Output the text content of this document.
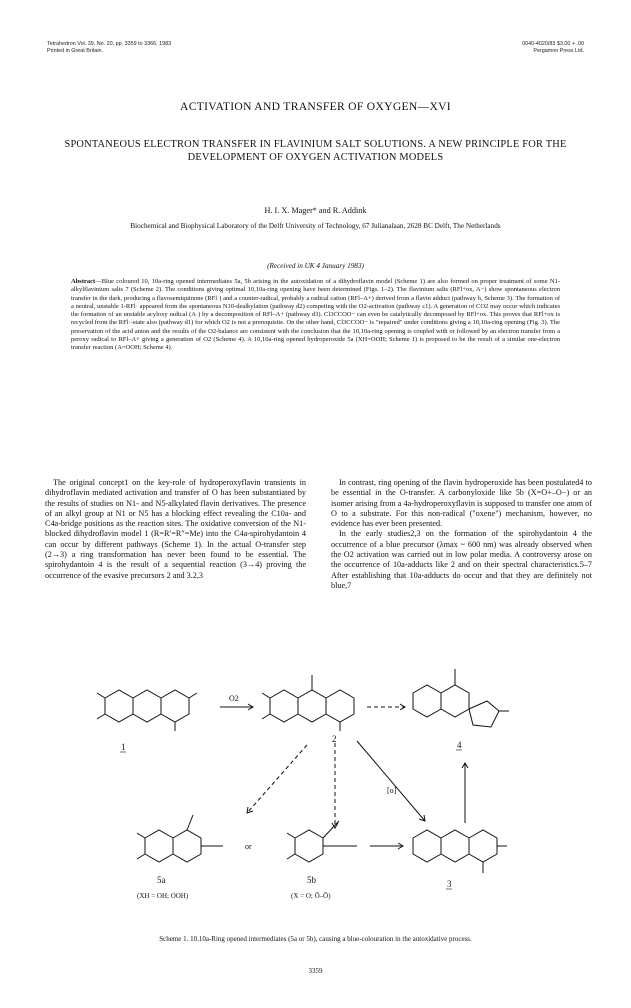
Tetrahedron Vol. 39, No. 20, pp. 3359 to 3366, 1983
Printed in Great Britain.
0040-4020/83 $3.00 + .00
Pergamon Press Ltd.
ACTIVATION AND TRANSFER OF OXYGEN—XVI
SPONTANEOUS ELECTRON TRANSFER IN FLAVINIUM SALT SOLUTIONS. A NEW PRINCIPLE FOR THE DEVELOPMENT OF OXYGEN ACTIVATION MODELS
H. I. X. Mager* and R. Addink
Biochemical and Biophysical Laboratory of the Delft University of Technology, 67 Julianalaan, 2628 BC Delft, The Netherlands
(Received in UK 4 January 1983)
Abstract—Blue coloured 10, 10a-ring opened intermediates 5a, 5b arising in the autoxidation of a dihydroflavin model (Scheme 1) are also formed on proper treatment of some N1-alkylflavinium salts 7 (Scheme 2). The conditions giving optimal 10,10a-ring opening have been determined (Figs. 1–2). The flavinium salts (RFl+ox, A−) show spontaneous electron transfer in the dark, producing a flavosemiquinone (RFl·) and a counter-radical, probably a radical cation (RFl–A+) derived from a flavin adduct (pathway b, Scheme 3). The formation of a neutral, unstable 1-RFl· appeared from the spontaneous N10-dealkylation (pathway d2) competing with the O2-activation (pathway c1). A generation of CO2 may occur which indicates the formation of an unstable acyloxy radical (A·) by a decomposition of RFl–A+ (pathway d3). Cl3CCOO− can even be catalytically decomposed by RFl+ox. This proves that RFl+ox is recycled from the RFl·-state also (pathway d1) for which O2 is not a prerequisite. On the other hand, Cl3CCOO− is "repaired" under conditions giving a 10,10a-ring opening (Fig. 3). The preservation of the acid anion and the results of the O2-balance are consistent with the conclusion that the 10,10a-ring opening is coupled with or followed by an electron transfer from a peroxy radical to RFl–A+ giving a generation of O2 (Scheme 4). A 10,10a-ring opened hydroperoxide 5a (XH=OOH; Scheme 1) is proposed to be the result of a similar one-electron transfer reaction (A=OOH; Scheme 4).
The original concept1 on the key-role of hydroperoxyflavin transients in dihydroflavin mediated activation and transfer of O has been substantiated by the results of studies on N1- and N5-alkylated flavin derivatives. The presence of an alkyl group at N1 or N5 has a blocking effect revealing the C10a- and C4a-bridge positions as the reaction sites. The oxidative conversion of the N1-blocked dihydroflavin model 1 (R=R′=R″=Me) into the C4a-spirohydantoin 4 can occur by different pathways (Scheme 1). In the actual O-transfer step (2→3) a ring transformation has never been found to be essential. The spirohydantoin 4 is the result of a sequential reaction (3→4) proving the occurrence of the evasive precursors 2 and 3.2,3

In contrast, ring opening of the flavin hydroperoxide has been postulated4 to be essential in the O-transfer. A carbonyloxide like 5b (X=O+–O−) or an isomer arising from a 4a-hydroperoxyflavin is supposed to transfer one atom of O to a substrate. For this non-radical ("oxene") mechanism, however, no evidence has ever been presented.

In the early studies2,3 on the formation of the spirohydantoin 4 the occurrence of a blue precursor (λmax ~ 600 nm) was already observed when the O2 activation was carried out in low polar media. A controversy arose on the occurrence of 10a-adducts like 2 and on their spectral characteristics.5–7 After establishing that 10a-adducts do occur and that they are definitely not blue,7

1
O2
2
4
[o]
or
5a
(XH = OH; OOH)
5b
(X = O; Ō–Ō)
3
Scheme 1. 10,10a-Ring opened intermediates (5a or 5b), causing a blue-colouration in the autoxidative process.
3359
